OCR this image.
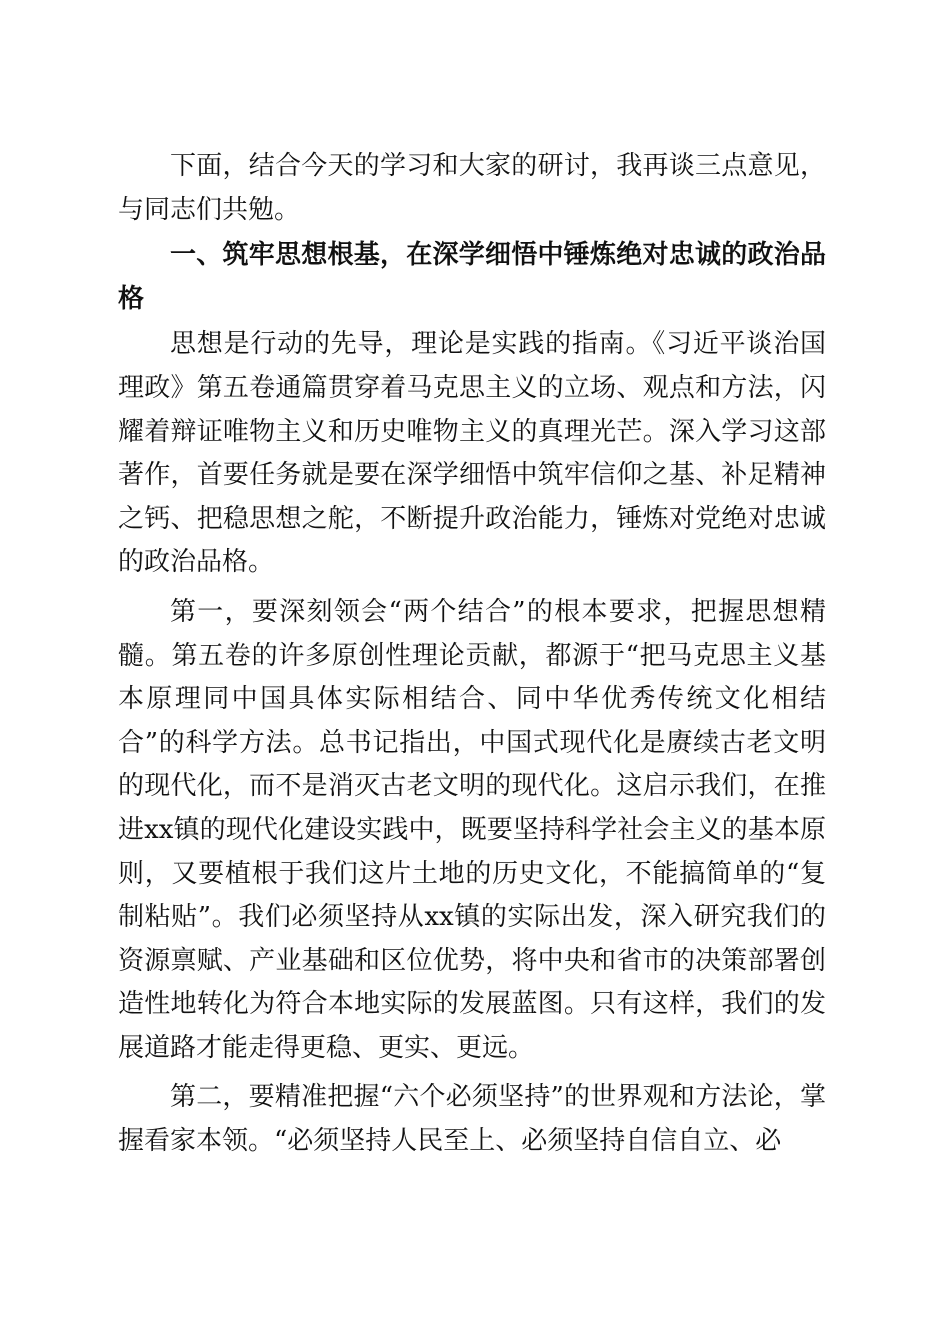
下面，结合今天的学习和大家的研讨，我再谈三点意见，与同志们共勉。

一、筑牢思想根基，在深学细悟中锤炼绝对忠诚的政治品格

思想是行动的先导，理论是实践的指南。《习近平谈治国理政》第五卷通篇贯穿着马克思主义的立场、观点和方法，闪耀着辩证唯物主义和历史唯物主义的真理光芒。深入学习这部著作，首要任务就是要在深学细悟中筑牢信仰之基、补足精神之钙、把稳思想之舵，不断提升政治能力，锤炼对党绝对忠诚的政治品格。

第一，要深刻领会“两个结合”的根本要求，把握思想精髓。第五卷的许多原创性理论贡献，都源于“把马克思主义基本原理同中国具体实际相结合、同中华优秀传统文化相结合”的科学方法。总书记指出，中国式现代化是赓续古老文明的现代化，而不是消灭古老文明的现代化。这启示我们，在推进xx镇的现代化建设实践中，既要坚持科学社会主义的基本原则，又要植根于我们这片土地的历史文化，不能搞简单的“复制粘贴”。我们必须坚持从xx镇的实际出发，深入研究我们的资源禀赋、产业基础和区位优势，将中央和省市的决策部署创造性地转化为符合本地实际的发展蓝图。只有这样，我们的发展道路才能走得更稳、更实、更远。

第二，要精准把握“六个必须坚持”的世界观和方法论，掌握看家本领。“必须坚持人民至上、必须坚持自信自立、必
